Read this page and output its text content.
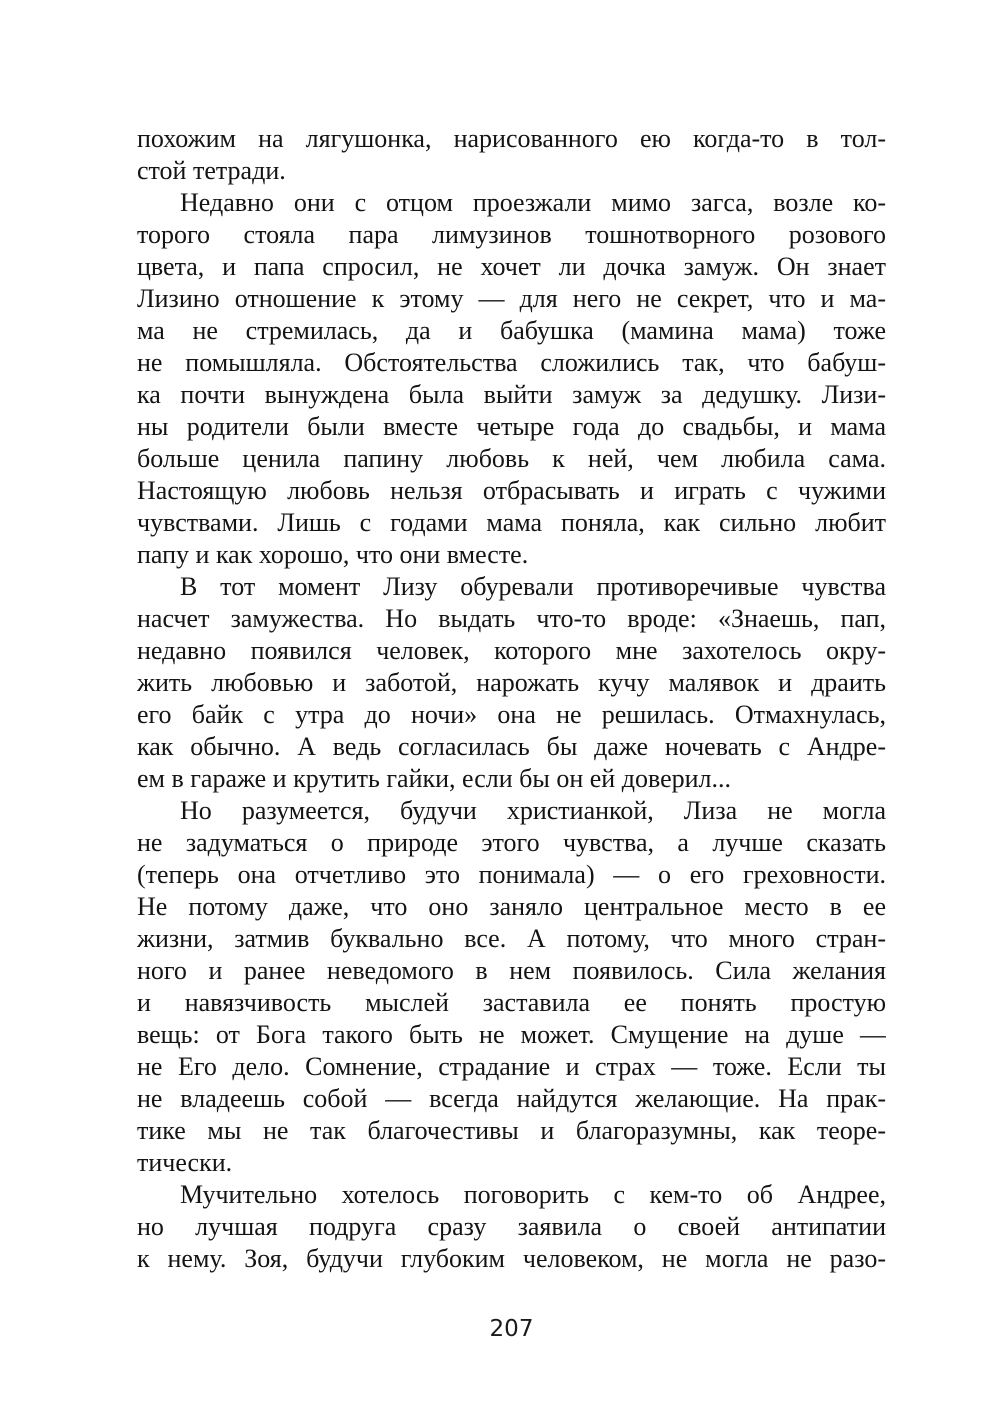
похожим на лягушонка, нарисованного ею когда-то в тол-
стой тетради.
Недавно они с отцом проезжали мимо загса, возле ко-
торого стояла пара лимузинов тошнотворного розового
цвета, и папа спросил, не хочет ли дочка замуж. Он знает
Лизино отношение к этому — для него не секрет, что и ма-
ма не стремилась, да и бабушка (мамина мама) тоже
не помышляла. Обстоятельства сложились так, что бабуш-
ка почти вынуждена была выйти замуж за дедушку. Лизи-
ны родители были вместе четыре года до свадьбы, и мама
больше ценила папину любовь к ней, чем любила сама.
Настоящую любовь нельзя отбрасывать и играть с чужими
чувствами. Лишь с годами мама поняла, как сильно любит
папу и как хорошо, что они вместе.
В тот момент Лизу обуревали противоречивые чувства
насчет замужества. Но выдать что-то вроде: «Знаешь, пап,
недавно появился человек, которого мне захотелось окру-
жить любовью и заботой, нарожать кучу малявок и драить
его байк с утра до ночи» она не решилась. Отмахнулась,
как обычно. А ведь согласилась бы даже ночевать с Андре-
ем в гараже и крутить гайки, если бы он ей доверил...
Но разумеется, будучи христианкой, Лиза не могла
не задуматься о природе этого чувства, а лучше сказать
(теперь она отчетливо это понимала) — о его греховности.
Не потому даже, что оно заняло центральное место в ее
жизни, затмив буквально все. А потому, что много стран-
ного и ранее неведомого в нем появилось. Сила желания
и навязчивость мыслей заставила ее понять простую
вещь: от Бога такого быть не может. Смущение на душе —
не Его дело. Сомнение, страдание и страх — тоже. Если ты
не владеешь собой — всегда найдутся желающие. На прак-
тике мы не так благочестивы и благоразумны, как теоре-
тически.
Мучительно хотелось поговорить с кем-то об Андрее,
но лучшая подруга сразу заявила о своей антипатии
к нему. Зоя, будучи глубоким человеком, не могла не разо-
207
